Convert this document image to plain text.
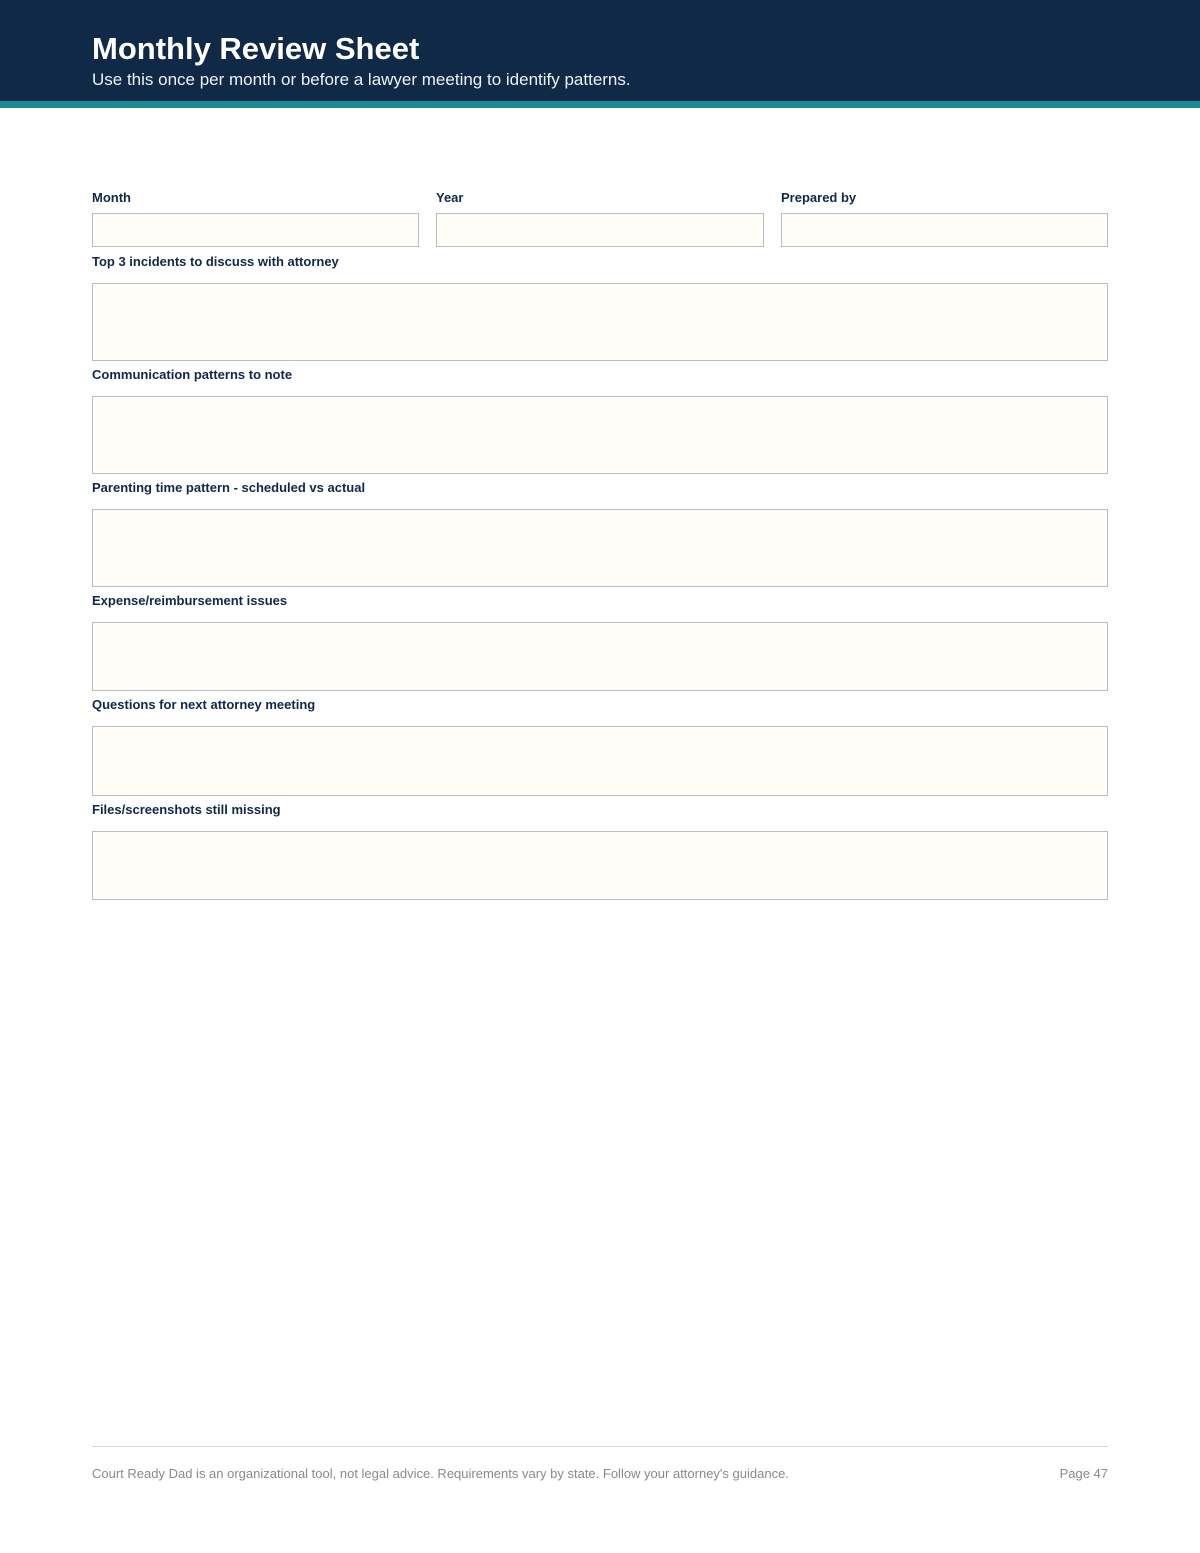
Monthly Review Sheet
Use this once per month or before a lawyer meeting to identify patterns.
Month	Year	Prepared by
Top 3 incidents to discuss with attorney
Communication patterns to note
Parenting time pattern - scheduled vs actual
Expense/reimbursement issues
Questions for next attorney meeting
Files/screenshots still missing
Court Ready Dad is an organizational tool, not legal advice. Requirements vary by state. Follow your attorney's guidance.	Page 47
